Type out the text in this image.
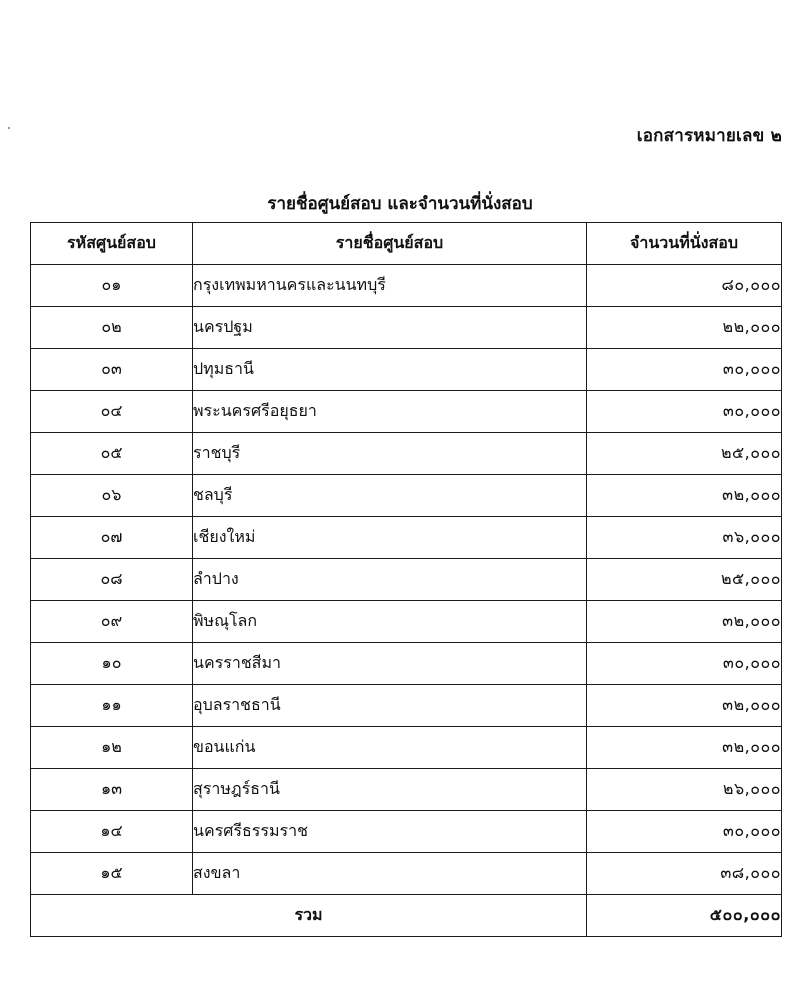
เอกสารหมายเลข ๒
รายชื่อศูนย์สอบ และจำนวนที่นั่งสอบ
รหัสศูนย์สอบ	รายชื่อศูนย์สอบ	จำนวนที่นั่งสอบ
๐๑	กรุงเทพมหานครและนนทบุรี	๘๐,๐๐๐
๐๒	นครปฐม	๒๒,๐๐๐
๐๓	ปทุมธานี	๓๐,๐๐๐
๐๔	พระนครศรีอยุธยา	๓๐,๐๐๐
๐๕	ราชบุรี	๒๕,๐๐๐
๐๖	ชลบุรี	๓๒,๐๐๐
๐๗	เชียงใหม่	๓๖,๐๐๐
๐๘	ลำปาง	๒๕,๐๐๐
๐๙	พิษณุโลก	๓๒,๐๐๐
๑๐	นครราชสีมา	๓๐,๐๐๐
๑๑	อุบลราชธานี	๓๒,๐๐๐
๑๒	ขอนแก่น	๓๒,๐๐๐
๑๓	สุราษฎร์ธานี	๒๖,๐๐๐
๑๔	นครศรีธรรมราช	๓๐,๐๐๐
๑๕	สงขลา	๓๘,๐๐๐
รวม		๕๐๐,๐๐๐
